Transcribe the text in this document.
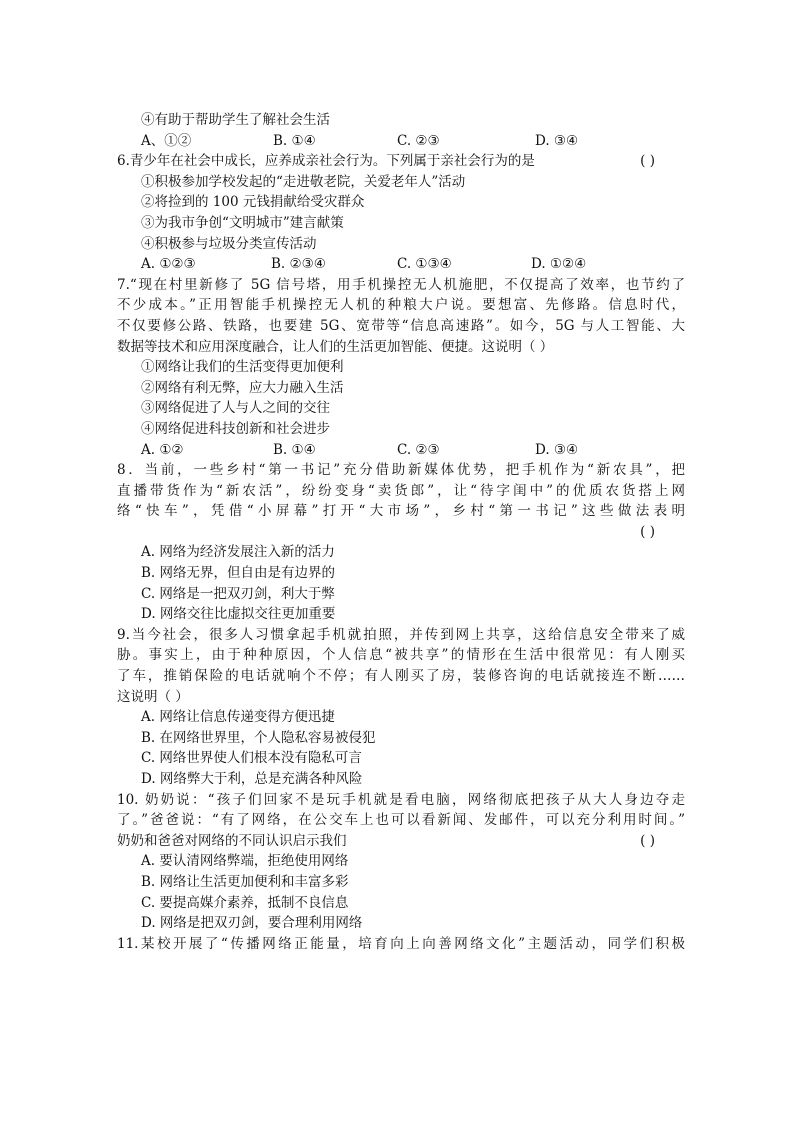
④有助于帮助学生了解社会生活
A、①②	B. ①④	C. ②③	D. ③④
6.青少年在社会中成长，应养成亲社会行为。下列属于亲社会行为的是	( )
①积极参加学校发起的“走进敬老院，关爱老年人”活动
②将捡到的 100 元钱捐献给受灾群众
③为我市争创“文明城市”建言献策
④积极参与垃圾分类宣传活动
A. ①②③	B. ②③④	C. ①③④	D. ①②④
7.“现在村里新修了 5G 信号塔，用手机操控无人机施肥，不仅提高了效率，也节约了
不少成本。”正用智能手机操控无人机的种粮大户说。要想富、先修路。信息时代，
不仅要修公路、铁路，也要建 5G、宽带等“信息高速路”。如今，5G 与人工智能、大
数据等技术和应用深度融合，让人们的生活更加智能、便捷。这说明（ ）
①网络让我们的生活变得更加便利
②网络有利无弊，应大力融入生活
③网络促进了人与人之间的交往
④网络促进科技创新和社会进步
A. ①②	B. ①④	C. ②③	D. ③④
8．当前，一些乡村“第一书记”充分借助新媒体优势，把手机作为“新农具”，把
直播带货作为“新农活”，纷纷变身“卖货郎”，让“待字闺中”的优质农货搭上网
络“快车”，凭借“小屏幕”打开“大市场”，乡村“第一书记”这些做法表明
( )
A. 网络为经济发展注入新的活力
B. 网络无界，但自由是有边界的
C. 网络是一把双刃剑，利大于弊
D. 网络交往比虚拟交往更加重要
9.当今社会，很多人习惯拿起手机就拍照，并传到网上共享，这给信息安全带来了威
胁。事实上，由于种种原因，个人信息“被共享”的情形在生活中很常见：有人刚买
了车，推销保险的电话就响个不停；有人刚买了房，装修咨询的电话就接连不断……
这说明（ ）
A. 网络让信息传递变得方便迅捷
B. 在网络世界里，个人隐私容易被侵犯
C. 网络世界使人们根本没有隐私可言
D. 网络弊大于利，总是充满各种风险
10. 奶奶说：“孩子们回家不是玩手机就是看电脑，网络彻底把孩子从大人身边夺走
了。”爸爸说：“有了网络，在公交车上也可以看新闻、发邮件，可以充分利用时间。”
奶奶和爸爸对网络的不同认识启示我们	( )
A. 要认清网络弊端，拒绝使用网络
B. 网络让生活更加便利和丰富多彩
C. 要提高媒介素养，抵制不良信息
D. 网络是把双刃剑，要合理利用网络
11.某校开展了“传播网络正能量，培育向上向善网络文化”主题活动，同学们积极
